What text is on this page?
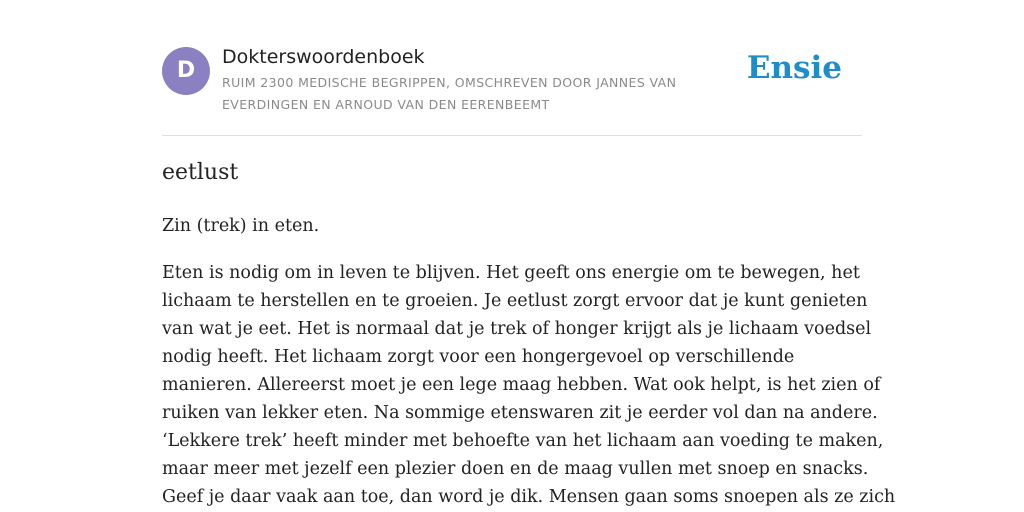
D
Dokterswoordenboek
RUIM 2300 MEDISCHE BEGRIPPEN, OMSCHREVEN DOOR JANNES VAN EVERDINGEN EN ARNOUD VAN DEN EERENBEEMT
Ensie
eetlust

Zin (trek) in eten.

Eten is nodig om in leven te blijven. Het geeft ons energie om te bewegen, het
lichaam te herstellen en te groeien. Je eetlust zorgt ervoor dat je kunt genieten
van wat je eet. Het is normaal dat je trek of honger krijgt als je lichaam voedsel
nodig heeft. Het lichaam zorgt voor een hongergevoel op verschillende
manieren. Allereerst moet je een lege maag hebben. Wat ook helpt, is het zien of
ruiken van lekker eten. Na sommige etenswaren zit je eerder vol dan na andere.
‘Lekkere trek’ heeft minder met behoefte van het lichaam aan voeding te maken,
maar meer met jezelf een plezier doen en de maag vullen met snoep en snacks.
Geef je daar vaak aan toe, dan word je dik. Mensen gaan soms snoepen als ze zich
